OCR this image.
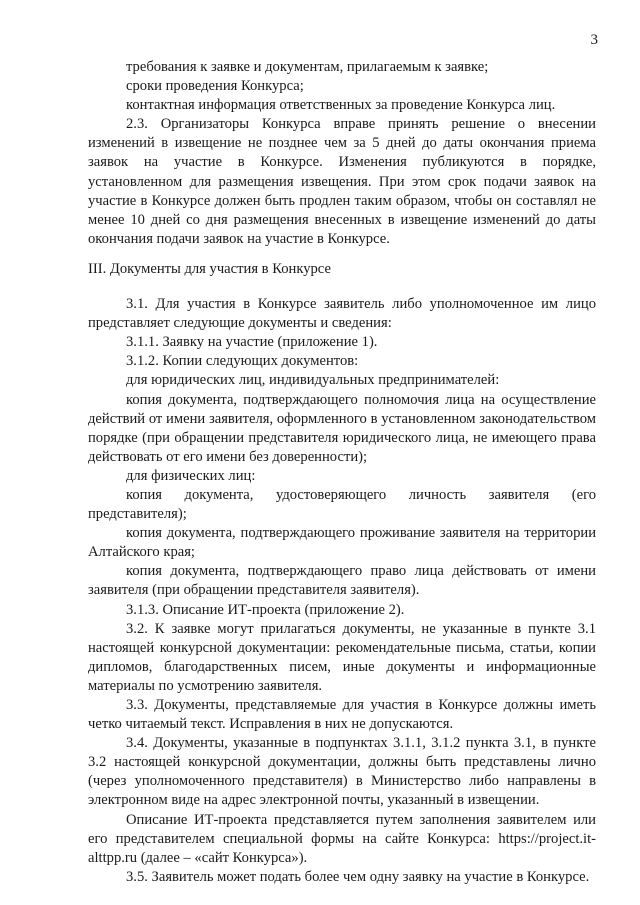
3

требования к заявке и документам, прилагаемым к заявке;

сроки проведения Конкурса;

контактная информация ответственных за проведение Конкурса лиц.

2.3. Организаторы Конкурса вправе принять решение о внесении изменений в извещение не позднее чем за 5 дней до даты окончания приема заявок на участие в Конкурсе. Изменения публикуются в порядке, установленном для размещения извещения. При этом срок подачи заявок на участие в Конкурсе должен быть продлен таким образом, чтобы он составлял не менее 10 дней со дня размещения внесенных в извещение изменений до даты окончания подачи заявок на участие в Конкурсе.

III. Документы для участия в Конкурсе

3.1. Для участия в Конкурсе заявитель либо уполномоченное им лицо представляет следующие документы и сведения:

3.1.1. Заявку на участие (приложение 1).

3.1.2. Копии следующих документов:

для юридических лиц, индивидуальных предпринимателей:

копия документа, подтверждающего полномочия лица на осуществление действий от имени заявителя, оформленного в установленном законодательством порядке (при обращении представителя юридического лица, не имеющего права действовать от его имени без доверенности);

для физических лиц:

копия документа, удостоверяющего личность заявителя (его представителя);

копия документа, подтверждающего проживание заявителя на территории Алтайского края;

копия документа, подтверждающего право лица действовать от имени заявителя (при обращении представителя заявителя).

3.1.3. Описание ИТ-проекта (приложение 2).

3.2. К заявке могут прилагаться документы, не указанные в пункте 3.1 настоящей конкурсной документации: рекомендательные письма, статьи, копии дипломов, благодарственных писем, иные документы и информационные материалы по усмотрению заявителя.

3.3. Документы, представляемые для участия в Конкурсе должны иметь четко читаемый текст. Исправления в них не допускаются.

3.4. Документы, указанные в подпунктах 3.1.1, 3.1.2 пункта 3.1, в пункте 3.2 настоящей конкурсной документации, должны быть представлены лично (через уполномоченного представителя) в Министерство либо направлены в электронном виде на адрес электронной почты, указанный в извещении.

Описание ИТ-проекта представляется путем заполнения заявителем или его представителем специальной формы на сайте Конкурса: https://project.it-alttpp.ru (далее – «сайт Конкурса»).

3.5. Заявитель может подать более чем одну заявку на участие в Конкурсе.
